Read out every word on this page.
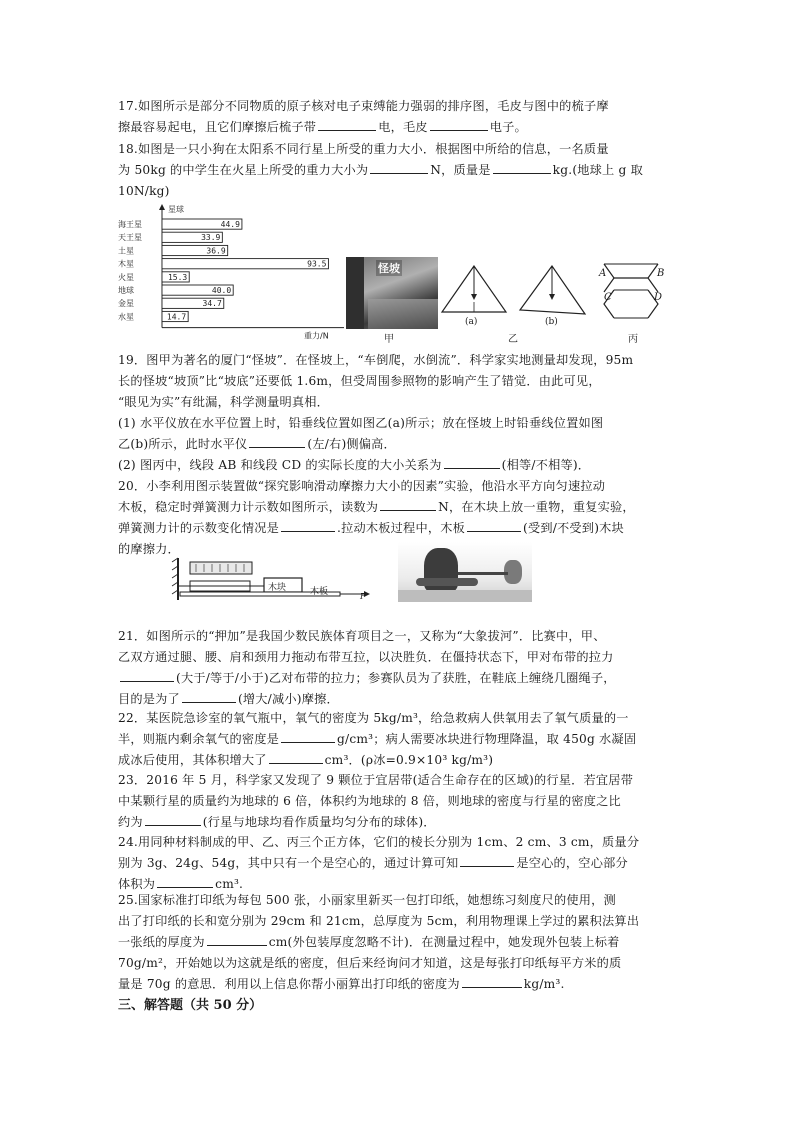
17.如图所示是部分不同物质的原子核对电子束缚能力强弱的排序图，毛皮与图中的梳子摩
擦最容易起电，且它们摩擦后梳子带	电，毛皮	电子。
18.如图是一只小狗在太阳系不同行星上所受的重力大小．根据图中所给的信息，一名质量
为 50kg 的中学生在火星上所受的重力大小为	N，质量是	kg.(地球上 g 取
10N/kg)
星球
重力/N
海王星	44.9
天王星	33.9
土星	36.9
木星	93.5
火星	15.3
地球	40.0
金星	34.7
水星	14.7
怪坡
甲
(a)	(b)
乙
A	B
C	D
丙
19．图甲为著名的厦门“怪坡”．在怪坡上，“车倒爬，水倒流”．科学家实地测量却发现，95m
长的怪坡“坡顶”比“坡底”还要低 1.6m，但受周围参照物的影响产生了错觉．由此可见，
“眼见为实”有纰漏，科学测量明真相．
(1) 水平仪放在水平位置上时，铅垂线位置如图乙(a)所示；放在怪坡上时铅垂线位置如图
乙(b)所示，此时水平仪	(左/右)侧偏高．
(2) 图丙中，线段 AB 和线段 CD 的实际长度的大小关系为	(相等/不相等)．
20．小李利用图示装置做“探究影响滑动摩擦力大小的因素”实验，他沿水平方向匀速拉动
木板，稳定时弹簧测力计示数如图所示，读数为	N，在木块上放一重物，重复实验，
弹簧测力计的示数变化情况是	.拉动木板过程中，木板	(受到/不受到)木块
的摩擦力．
木块	木板	F
21．如图所示的“押加”是我国少数民族体育项目之一，又称为“大象拔河”．比赛中，甲、
乙双方通过腿、腰、肩和颈用力拖动布带互拉，以决胜负．在僵持状态下，甲对布带的拉力
(大于/等于/小于)乙对布带的拉力；参赛队员为了获胜，在鞋底上缠绕几圈绳子，
目的是为了	(增大/减小)摩擦．
22．某医院急诊室的氧气瓶中，氧气的密度为 5kg/m³，给急救病人供氧用去了氧气质量的一
半，则瓶内剩余氧气的密度是	g/cm³；病人需要冰块进行物理降温，取 450g 水凝固
成冰后使用，其体积增大了	cm³．(ρ冰=0.9×10³ kg/m³)
23．2016 年 5 月，科学家又发现了 9 颗位于宜居带(适合生命存在的区域)的行星．若宜居带
中某颗行星的质量约为地球的 6 倍，体积约为地球的 8 倍，则地球的密度与行星的密度之比
约为	(行星与地球均看作质量均匀分布的球体)．
24.用同种材料制成的甲、乙、丙三个正方体，它们的棱长分别为 1cm、2 cm、3 cm，质量分
别为 3g、24g、54g，其中只有一个是空心的，通过计算可知	是空心的，空心部分
体积为	cm³.
25.国家标准打印纸为每包 500 张，小丽家里新买一包打印纸，她想练习刻度尺的使用，测
出了打印纸的长和宽分别为 29cm 和 21cm，总厚度为 5cm，利用物理课上学过的累积法算出
一张纸的厚度为	cm(外包装厚度忽略不计)．在测量过程中，她发现外包装上标着
70g/m²，开始她以为这就是纸的密度，但后来经询问才知道，这是每张打印纸每平方米的质
量是 70g 的意思．利用以上信息你帮小丽算出打印纸的密度为	kg/m³.
三、解答题（共 50 分）
